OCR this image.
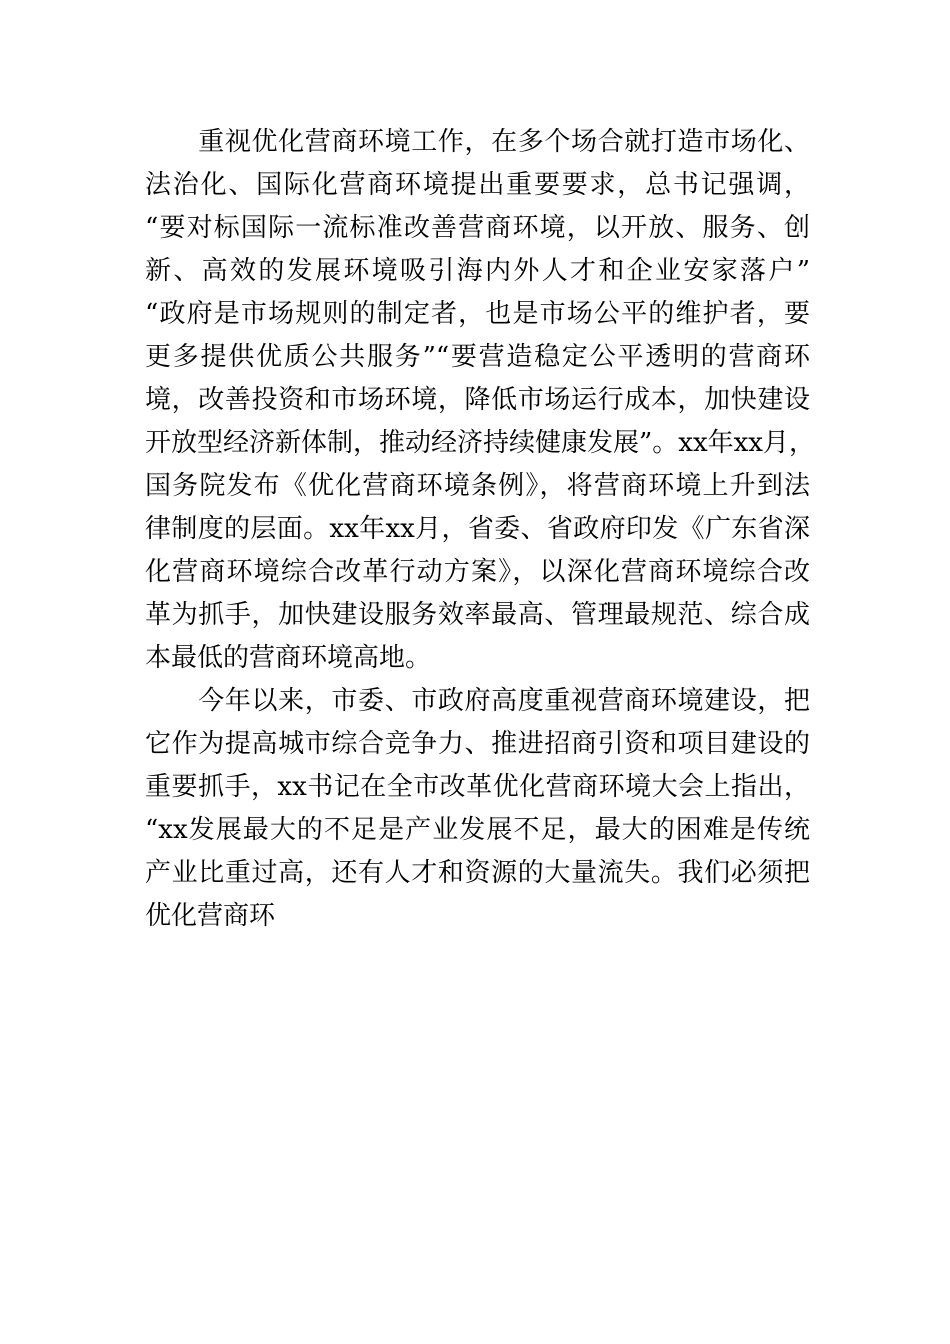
　　重视优化营商环境工作，在多个场合就打造市场化、
法治化、国际化营商环境提出重要要求，总书记强调，
“要对标国际一流标准改善营商环境，以开放、服务、创
新、高效的发展环境吸引海内外人才和企业安家落户”
“政府是市场规则的制定者，也是市场公平的维护者，要
更多提供优质公共服务”“要营造稳定公平透明的营商环
境，改善投资和市场环境，降低市场运行成本，加快建设
开放型经济新体制，推动经济持续健康发展”。xx年xx月，
国务院发布《优化营商环境条例》，将营商环境上升到法
律制度的层面。xx年xx月，省委、省政府印发《广东省深
化营商环境综合改革行动方案》，以深化营商环境综合改
革为抓手，加快建设服务效率最高、管理最规范、综合成
本最低的营商环境高地。
　　今年以来，市委、市政府高度重视营商环境建设，把
它作为提高城市综合竞争力、推进招商引资和项目建设的
重要抓手，xx书记在全市改革优化营商环境大会上指出，
“xx发展最大的不足是产业发展不足，最大的困难是传统
产业比重过高，还有人才和资源的大量流失。我们必须把
优化营商环
